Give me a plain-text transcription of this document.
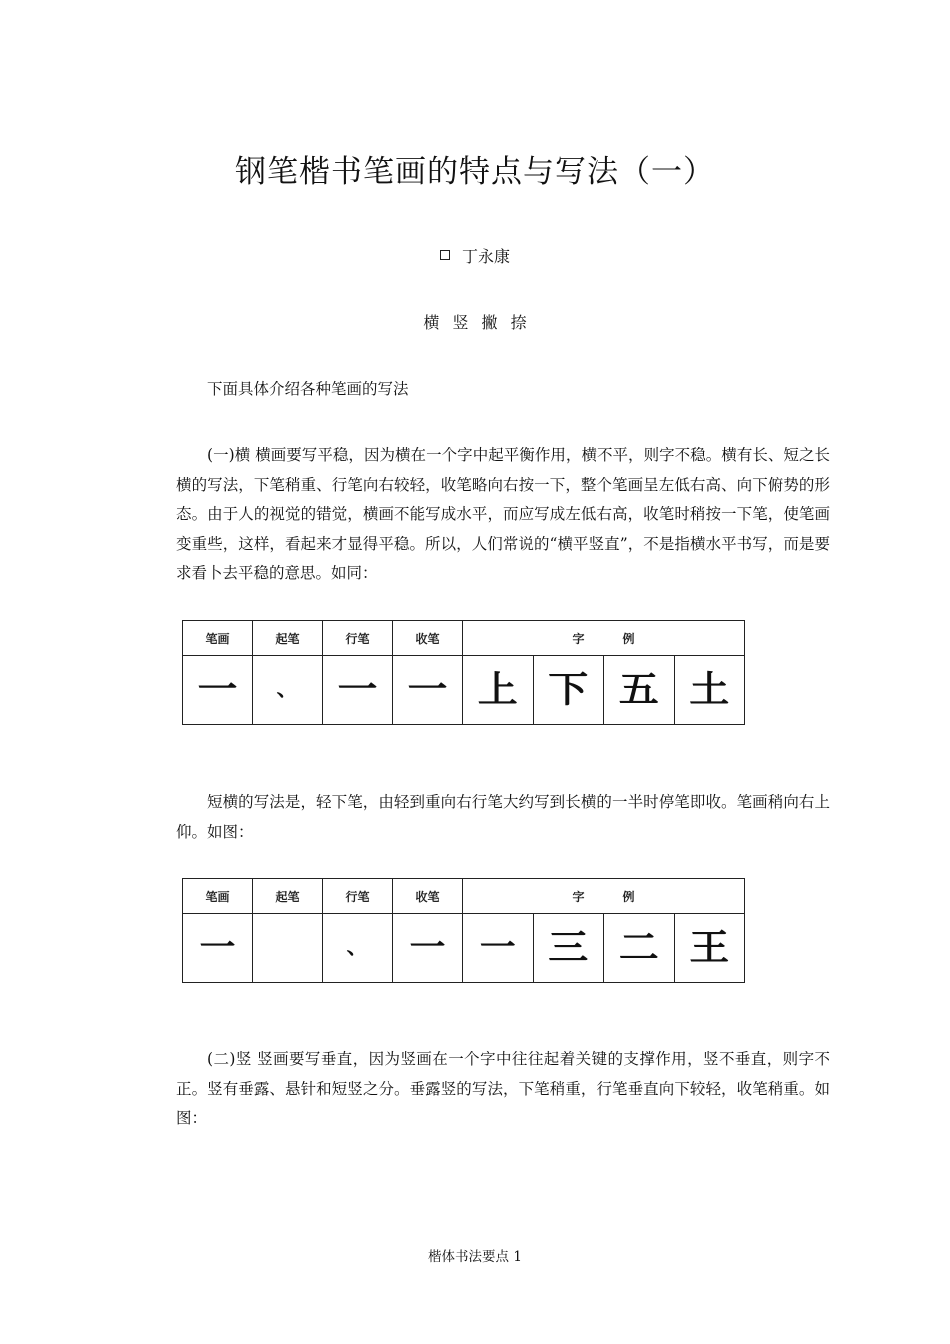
钢笔楷书笔画的特点与写法（一）
丁永康
横 竖 撇 捺

下面具体介绍各种笔画的写法

(一)横 横画要写平稳，因为横在一个字中起平衡作用，横不平，则字不稳。横有长、短之长横的写法，下笔稍重、行笔向右较轻，收笔略向右按一下，整个笔画呈左低右高、向下俯势的形态。由于人的视觉的错觉，横画不能写成水平，而应写成左低右高，收笔时稍按一下笔，使笔画变重些，这样，看起来才显得平稳。所以，人们常说的“横平竖直”，不是指横水平书写，而是要求看卜去平稳的意思。如同：

笔画	起笔	行笔	收笔	字 例			
一	、	一	一	上	下	五	土

短横的写法是，轻下笔，由轻到重向右行笔大约写到长横的一半时停笔即收。笔画稍向右上仰。如图：

笔画	起笔	行笔	收笔	字 例			
一		、	一	一	三	二	王

(二)竖 竖画要写垂直，因为竖画在一个字中往往起着关键的支撑作用，竖不垂直，则字不正。竖有垂露、悬针和短竖之分。垂露竖的写法，下笔稍重，行笔垂直向下较轻，收笔稍重。如图：

楷体书法要点 1
